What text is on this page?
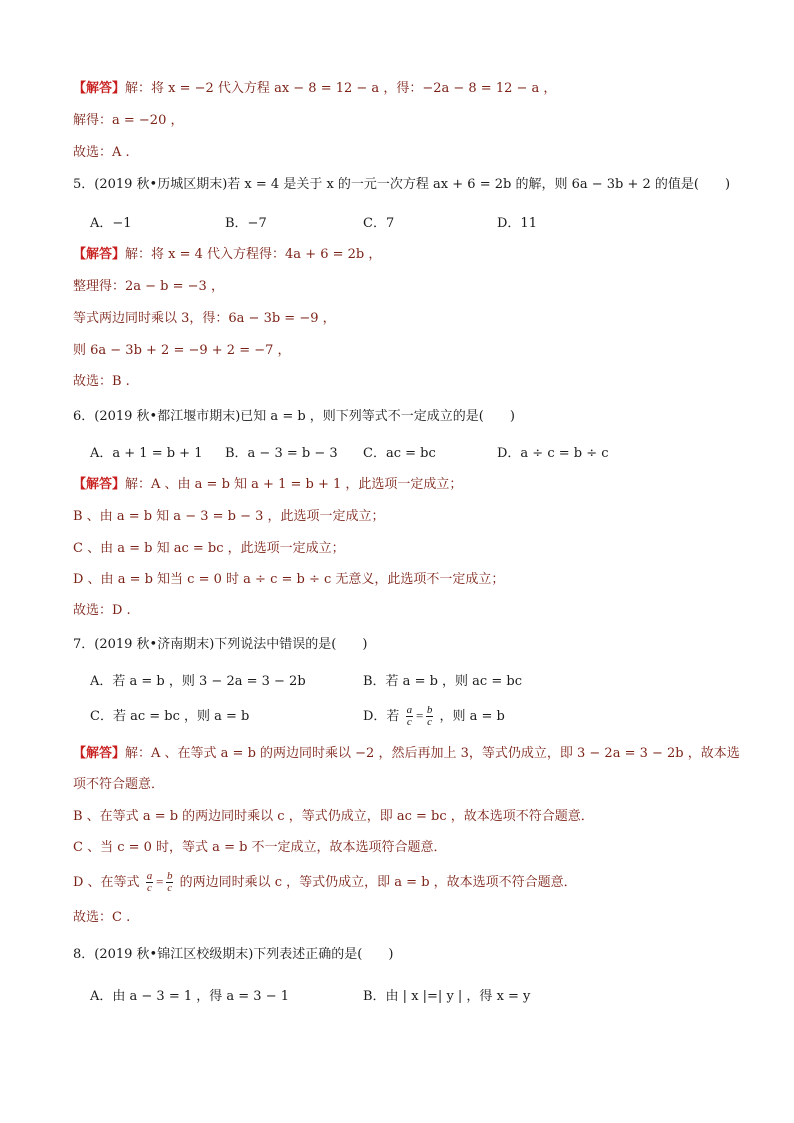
【解答】解：将 x = −2 代入方程 ax − 8 = 12 − a ，得：−2a − 8 = 12 − a ，
解得：a = −20 ，
故选：A .
5．(2019 秋•历城区期末)若 x = 4 是关于 x 的一元一次方程 ax + 6 = 2b 的解，则 6a − 3b + 2 的值是(　　)
A．−1	B．−7	C．7	D．11
【解答】解：将 x = 4 代入方程得：4a + 6 = 2b ，
整理得：2a − b = −3 ，
等式两边同时乘以 3，得：6a − 3b = −9 ，
则 6a − 3b + 2 = −9 + 2 = −7 ，
故选：B .
6．(2019 秋•都江堰市期末)已知 a = b ，则下列等式不一定成立的是(　　)
A．a + 1 = b + 1 B．a − 3 = b − 3 C．ac = bc	D．a ÷ c = b ÷ c
【解答】解：A 、由 a = b 知 a + 1 = b + 1 ，此选项一定成立；
B 、由 a = b 知 a − 3 = b − 3 ，此选项一定成立；
C 、由 a = b 知 ac = bc ，此选项一定成立；
D 、由 a = b 知当 c = 0 时 a ÷ c = b ÷ c 无意义，此选项不一定成立；
故选：D .
7．(2019 秋•济南期末)下列说法中错误的是(　　)
A．若 a = b ，则 3 − 2a = 3 − 2b	B．若 a = b ，则 ac = bc
C．若 ac = bc ，则 a = b	D．若 $\frac{a}{c} = \frac{b}{c}$ ，则 a = b
【解答】解：A 、在等式 a = b 的两边同时乘以 −2 ，然后再加上 3，等式仍成立，即 3 − 2a = 3 − 2b ，故本选
项不符合题意．
B 、在等式 a = b 的两边同时乘以 c ，等式仍成立，即 ac = bc ，故本选项不符合题意．
C 、当 c = 0 时，等式 a = b 不一定成立，故本选项符合题意．
D 、在等式 $\frac{a}{c} = \frac{b}{c}$ 的两边同时乘以 c ，等式仍成立，即 a = b ，故本选项不符合题意．
故选：C .
8．(2019 秋•锦江区校级期末)下列表述正确的是(　　)
A．由 a − 3 = 1 ，得 a = 3 − 1	B．由 | x |=| y | ，得 x = y
